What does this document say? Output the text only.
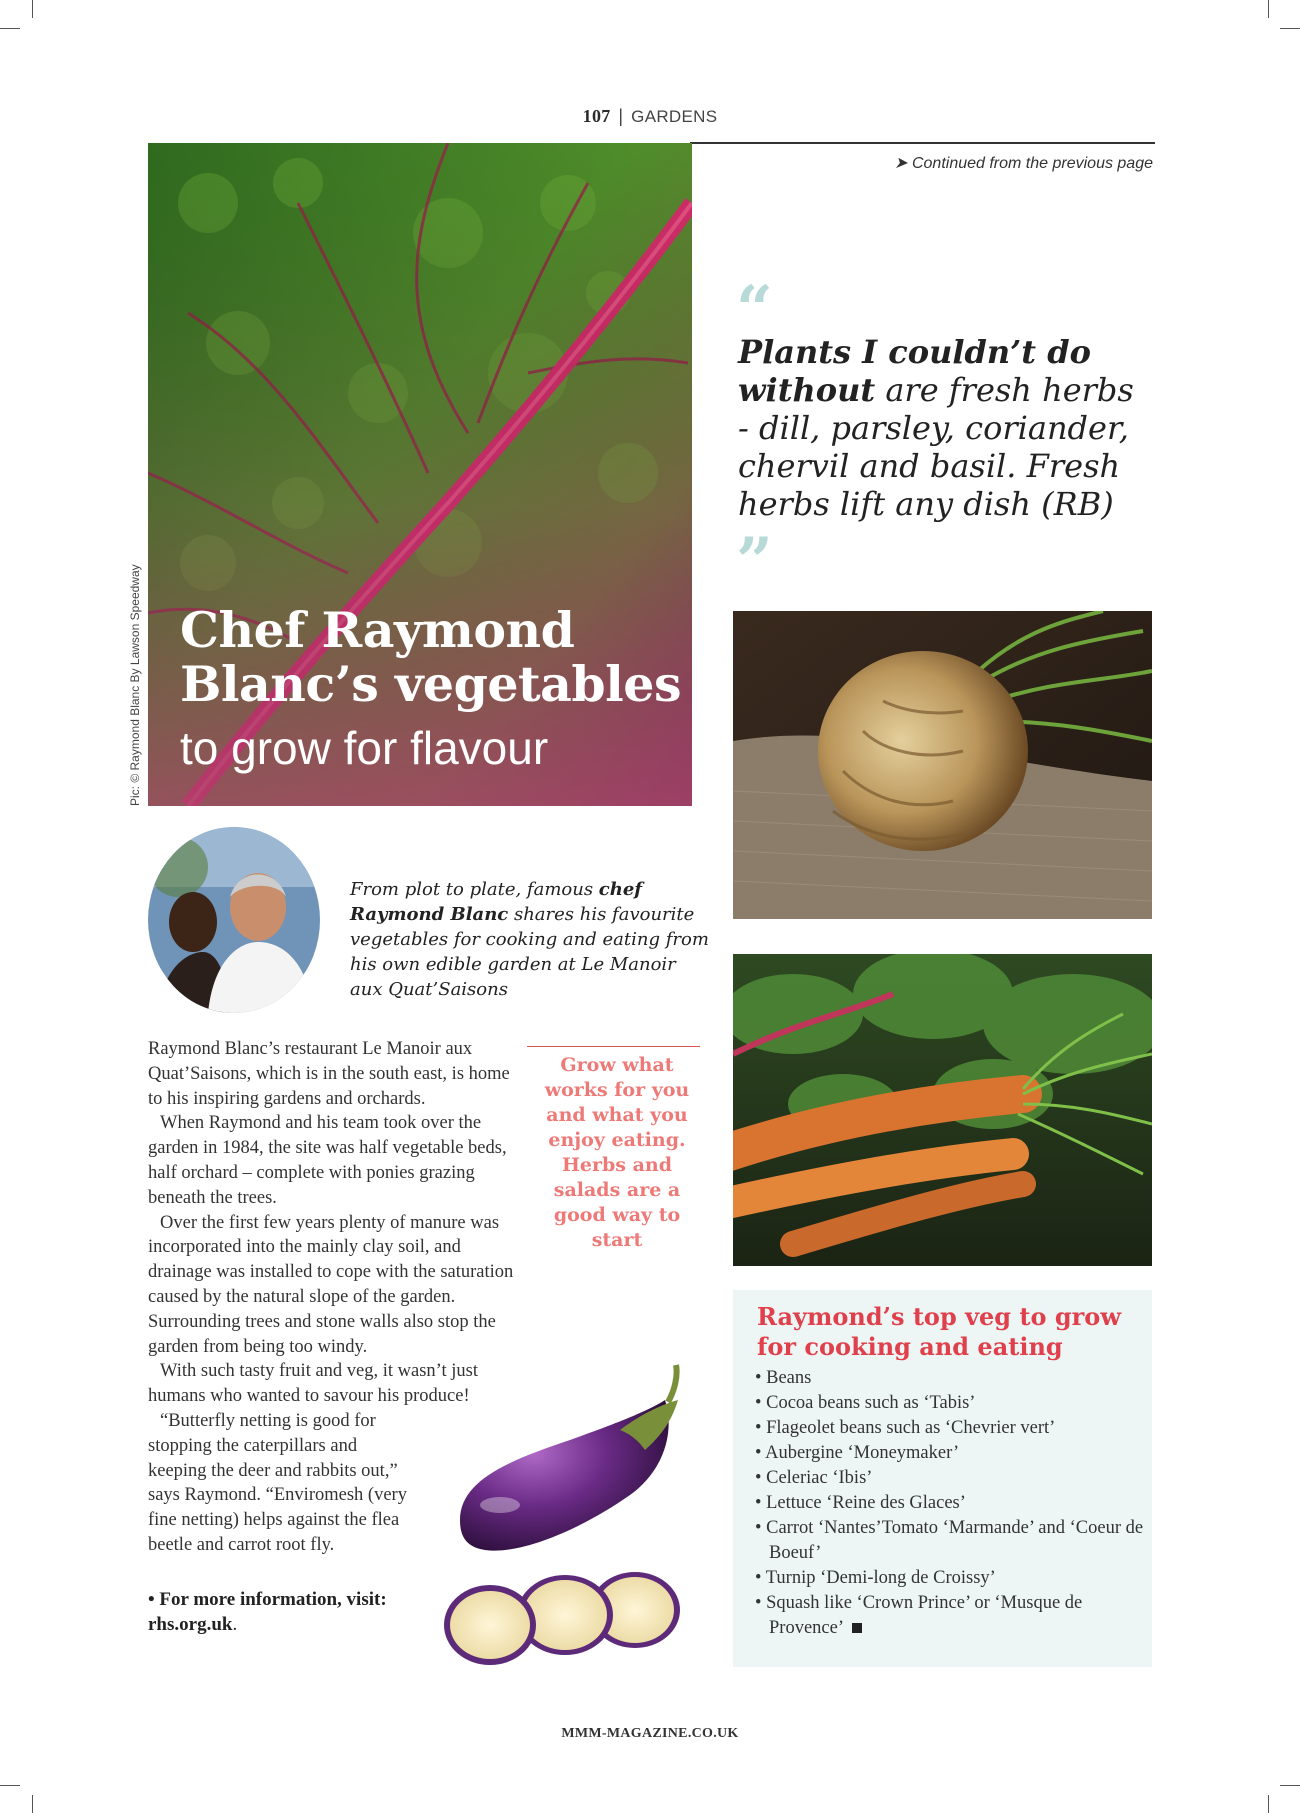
107 | GARDENS
➤ Continued from the previous page
Chef Raymond
Blanc’s vegetables
to grow for flavour
Pic: © Raymond Blanc By Lawson Speedway
“
Plants I couldn’t do without are fresh herbs - dill, parsley, coriander, chervil and basil. Fresh herbs lift any dish (RB)
”
From plot to plate, famous chef Raymond Blanc shares his favourite vegetables for cooking and eating from his own edible garden at Le Manoir aux Quat’Saisons

Raymond Blanc’s restaurant Le Manoir aux Quat’Saisons, which is in the south east, is home to his inspiring gardens and orchards.

When Raymond and his team took over the garden in 1984, the site was half vegetable beds, half orchard – complete with ponies grazing beneath the trees.

Over the first few years plenty of manure was incorporated into the mainly clay soil, and drainage was installed to cope with the saturation caused by the natural slope of the garden. Surrounding trees and stone walls also stop the garden from being too windy.

With such tasty fruit and veg, it wasn’t just humans who wanted to savour his produce!

“Butterfly netting is good for stopping the caterpillars and keeping the deer and rabbits out,” says Raymond. “Enviromesh (very fine netting) helps against the flea beetle and carrot root fly.

• For more information, visit:
rhs.org.uk.
Grow what works for you and what you enjoy eating. Herbs and salads are a good way to start
Raymond’s top veg to grow for cooking and eating
• Beans
• Cocoa beans such as ‘Tabis’
• Flageolet beans such as ‘Chevrier vert’
• Aubergine ‘Moneymaker’
• Celeriac ‘Ibis’
• Lettuce ‘Reine des Glaces’
• Carrot ‘Nantes’Tomato ‘Marmande’ and ‘Coeur de Boeuf’
• Turnip ‘Demi-long de Croissy’
• Squash like ‘Crown Prince’ or ‘Musque de Provence’
MMM-MAGAZINE.CO.UK
